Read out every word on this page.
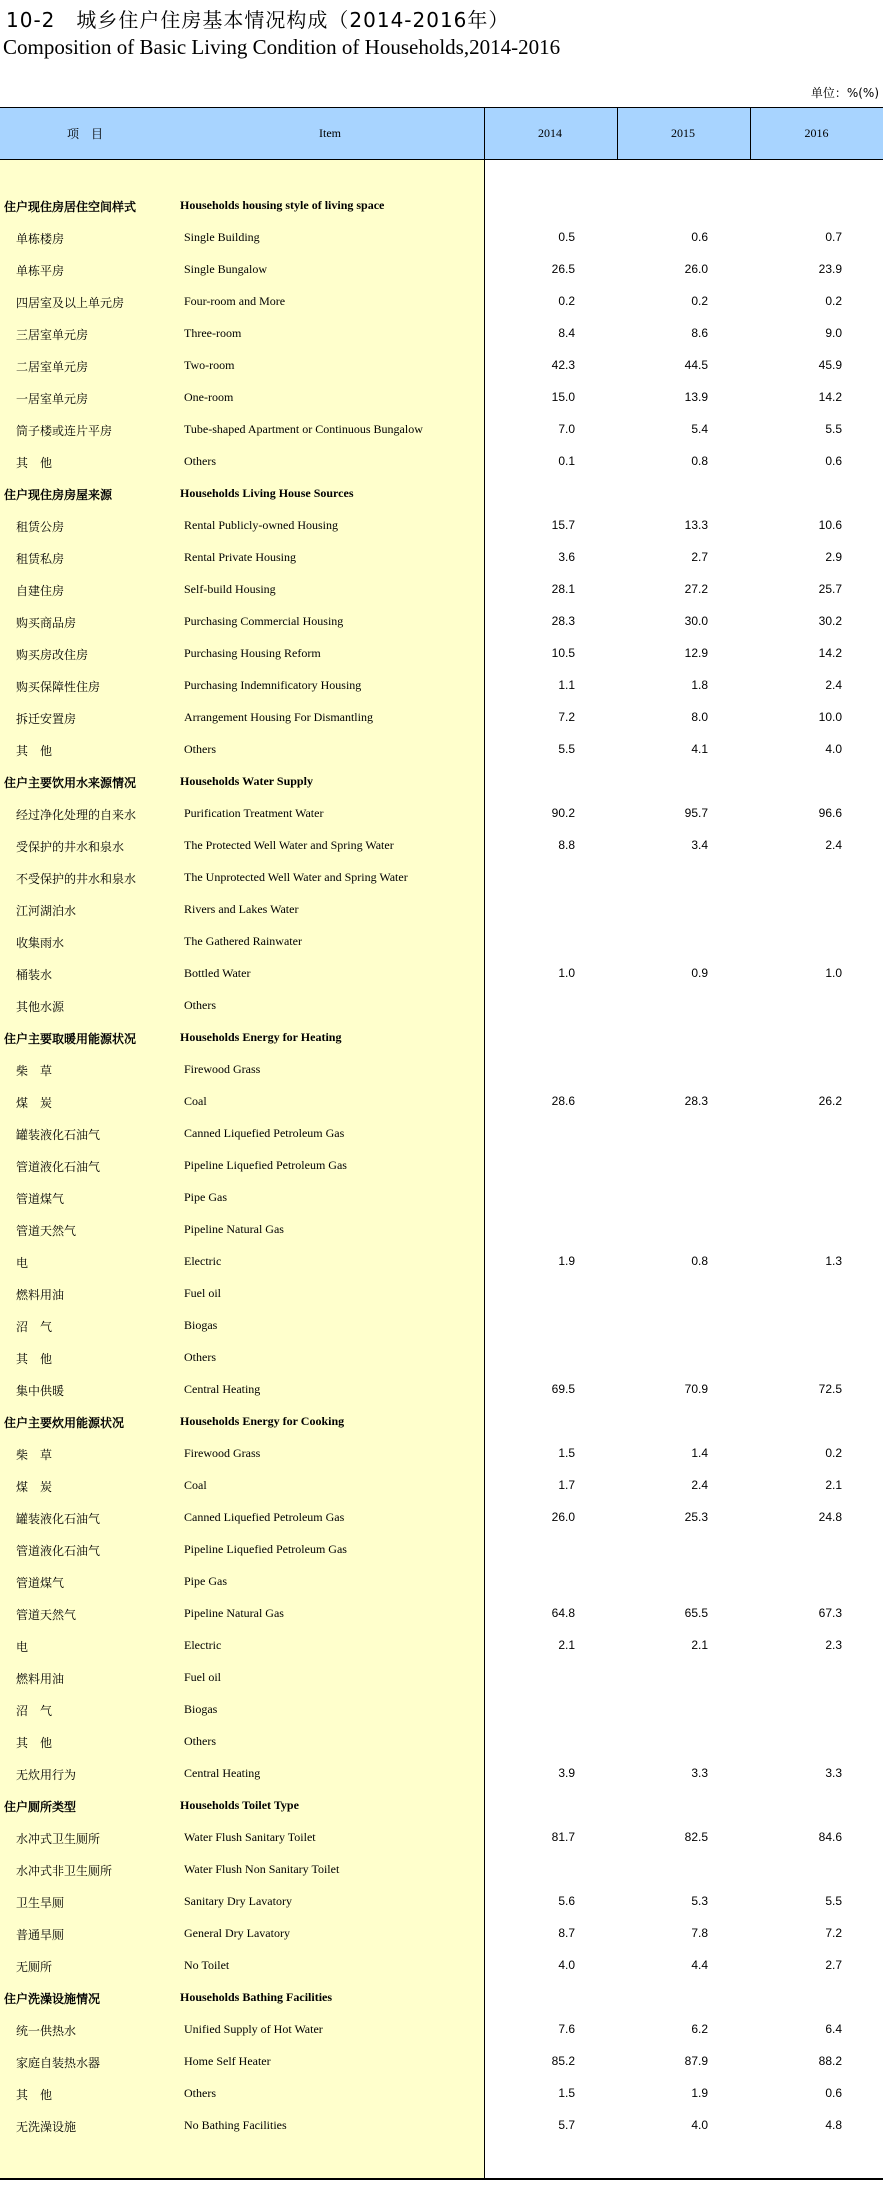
10-2　城乡住户住房基本情况构成（2014-2016年）
Composition of Basic Living Condition of Households,2014-2016
单位：%(%)
项　目	Item	2014	2015	2016
住户现住房居住空间样式	Households housing style of living space
单栋楼房	Single Building	0.5	0.6	0.7
单栋平房	Single Bungalow	26.5	26.0	23.9
四居室及以上单元房	Four-room and More	0.2	0.2	0.2
三居室单元房	Three-room	8.4	8.6	9.0
二居室单元房	Two-room	42.3	44.5	45.9
一居室单元房	One-room	15.0	13.9	14.2
筒子楼或连片平房	Tube-shaped Apartment or Continuous Bungalow	7.0	5.4	5.5
其　他	Others	0.1	0.8	0.6
住户现住房房屋来源	Households Living House Sources
租赁公房	Rental Publicly-owned Housing	15.7	13.3	10.6
租赁私房	Rental Private Housing	3.6	2.7	2.9
自建住房	Self-build Housing	28.1	27.2	25.7
购买商品房	Purchasing Commercial Housing	28.3	30.0	30.2
购买房改住房	Purchasing Housing Reform	10.5	12.9	14.2
购买保障性住房	Purchasing Indemnificatory Housing	1.1	1.8	2.4
拆迁安置房	Arrangement Housing For Dismantling	7.2	8.0	10.0
其　他	Others	5.5	4.1	4.0
住户主要饮用水来源情况	Households Water Supply
经过净化处理的自来水	Purification Treatment Water	90.2	95.7	96.6
受保护的井水和泉水	The Protected Well Water and Spring Water	8.8	3.4	2.4
不受保护的井水和泉水	The Unprotected Well Water and Spring Water
江河湖泊水	Rivers and Lakes Water
收集雨水	The Gathered Rainwater
桶装水	Bottled Water	1.0	0.9	1.0
其他水源	Others
住户主要取暖用能源状况	Households Energy for Heating
柴　草	Firewood Grass
煤　炭	Coal	28.6	28.3	26.2
罐装液化石油气	Canned Liquefied Petroleum Gas
管道液化石油气	Pipeline Liquefied Petroleum Gas
管道煤气	Pipe Gas
管道天然气	Pipeline Natural Gas
电	Electric	1.9	0.8	1.3
燃料用油	Fuel oil
沼　气	Biogas
其　他	Others
集中供暖	Central Heating	69.5	70.9	72.5
住户主要炊用能源状况	Households Energy for Cooking
柴　草	Firewood Grass	1.5	1.4	0.2
煤　炭	Coal	1.7	2.4	2.1
罐装液化石油气	Canned Liquefied Petroleum Gas	26.0	25.3	24.8
管道液化石油气	Pipeline Liquefied Petroleum Gas
管道煤气	Pipe Gas
管道天然气	Pipeline Natural Gas	64.8	65.5	67.3
电	Electric	2.1	2.1	2.3
燃料用油	Fuel oil
沼　气	Biogas
其　他	Others
无炊用行为	Central Heating	3.9	3.3	3.3
住户厕所类型	Households Toilet Type
水冲式卫生厕所	Water Flush Sanitary Toilet	81.7	82.5	84.6
水冲式非卫生厕所	Water Flush Non Sanitary Toilet
卫生旱厕	Sanitary Dry Lavatory	5.6	5.3	5.5
普通旱厕	General Dry Lavatory	8.7	7.8	7.2
无厕所	No Toilet	4.0	4.4	2.7
住户洗澡设施情况	Households Bathing Facilities
统一供热水	Unified Supply of Hot Water	7.6	6.2	6.4
家庭自装热水器	Home Self Heater	85.2	87.9	88.2
其　他	Others	1.5	1.9	0.6
无洗澡设施	No Bathing Facilities	5.7	4.0	4.8
